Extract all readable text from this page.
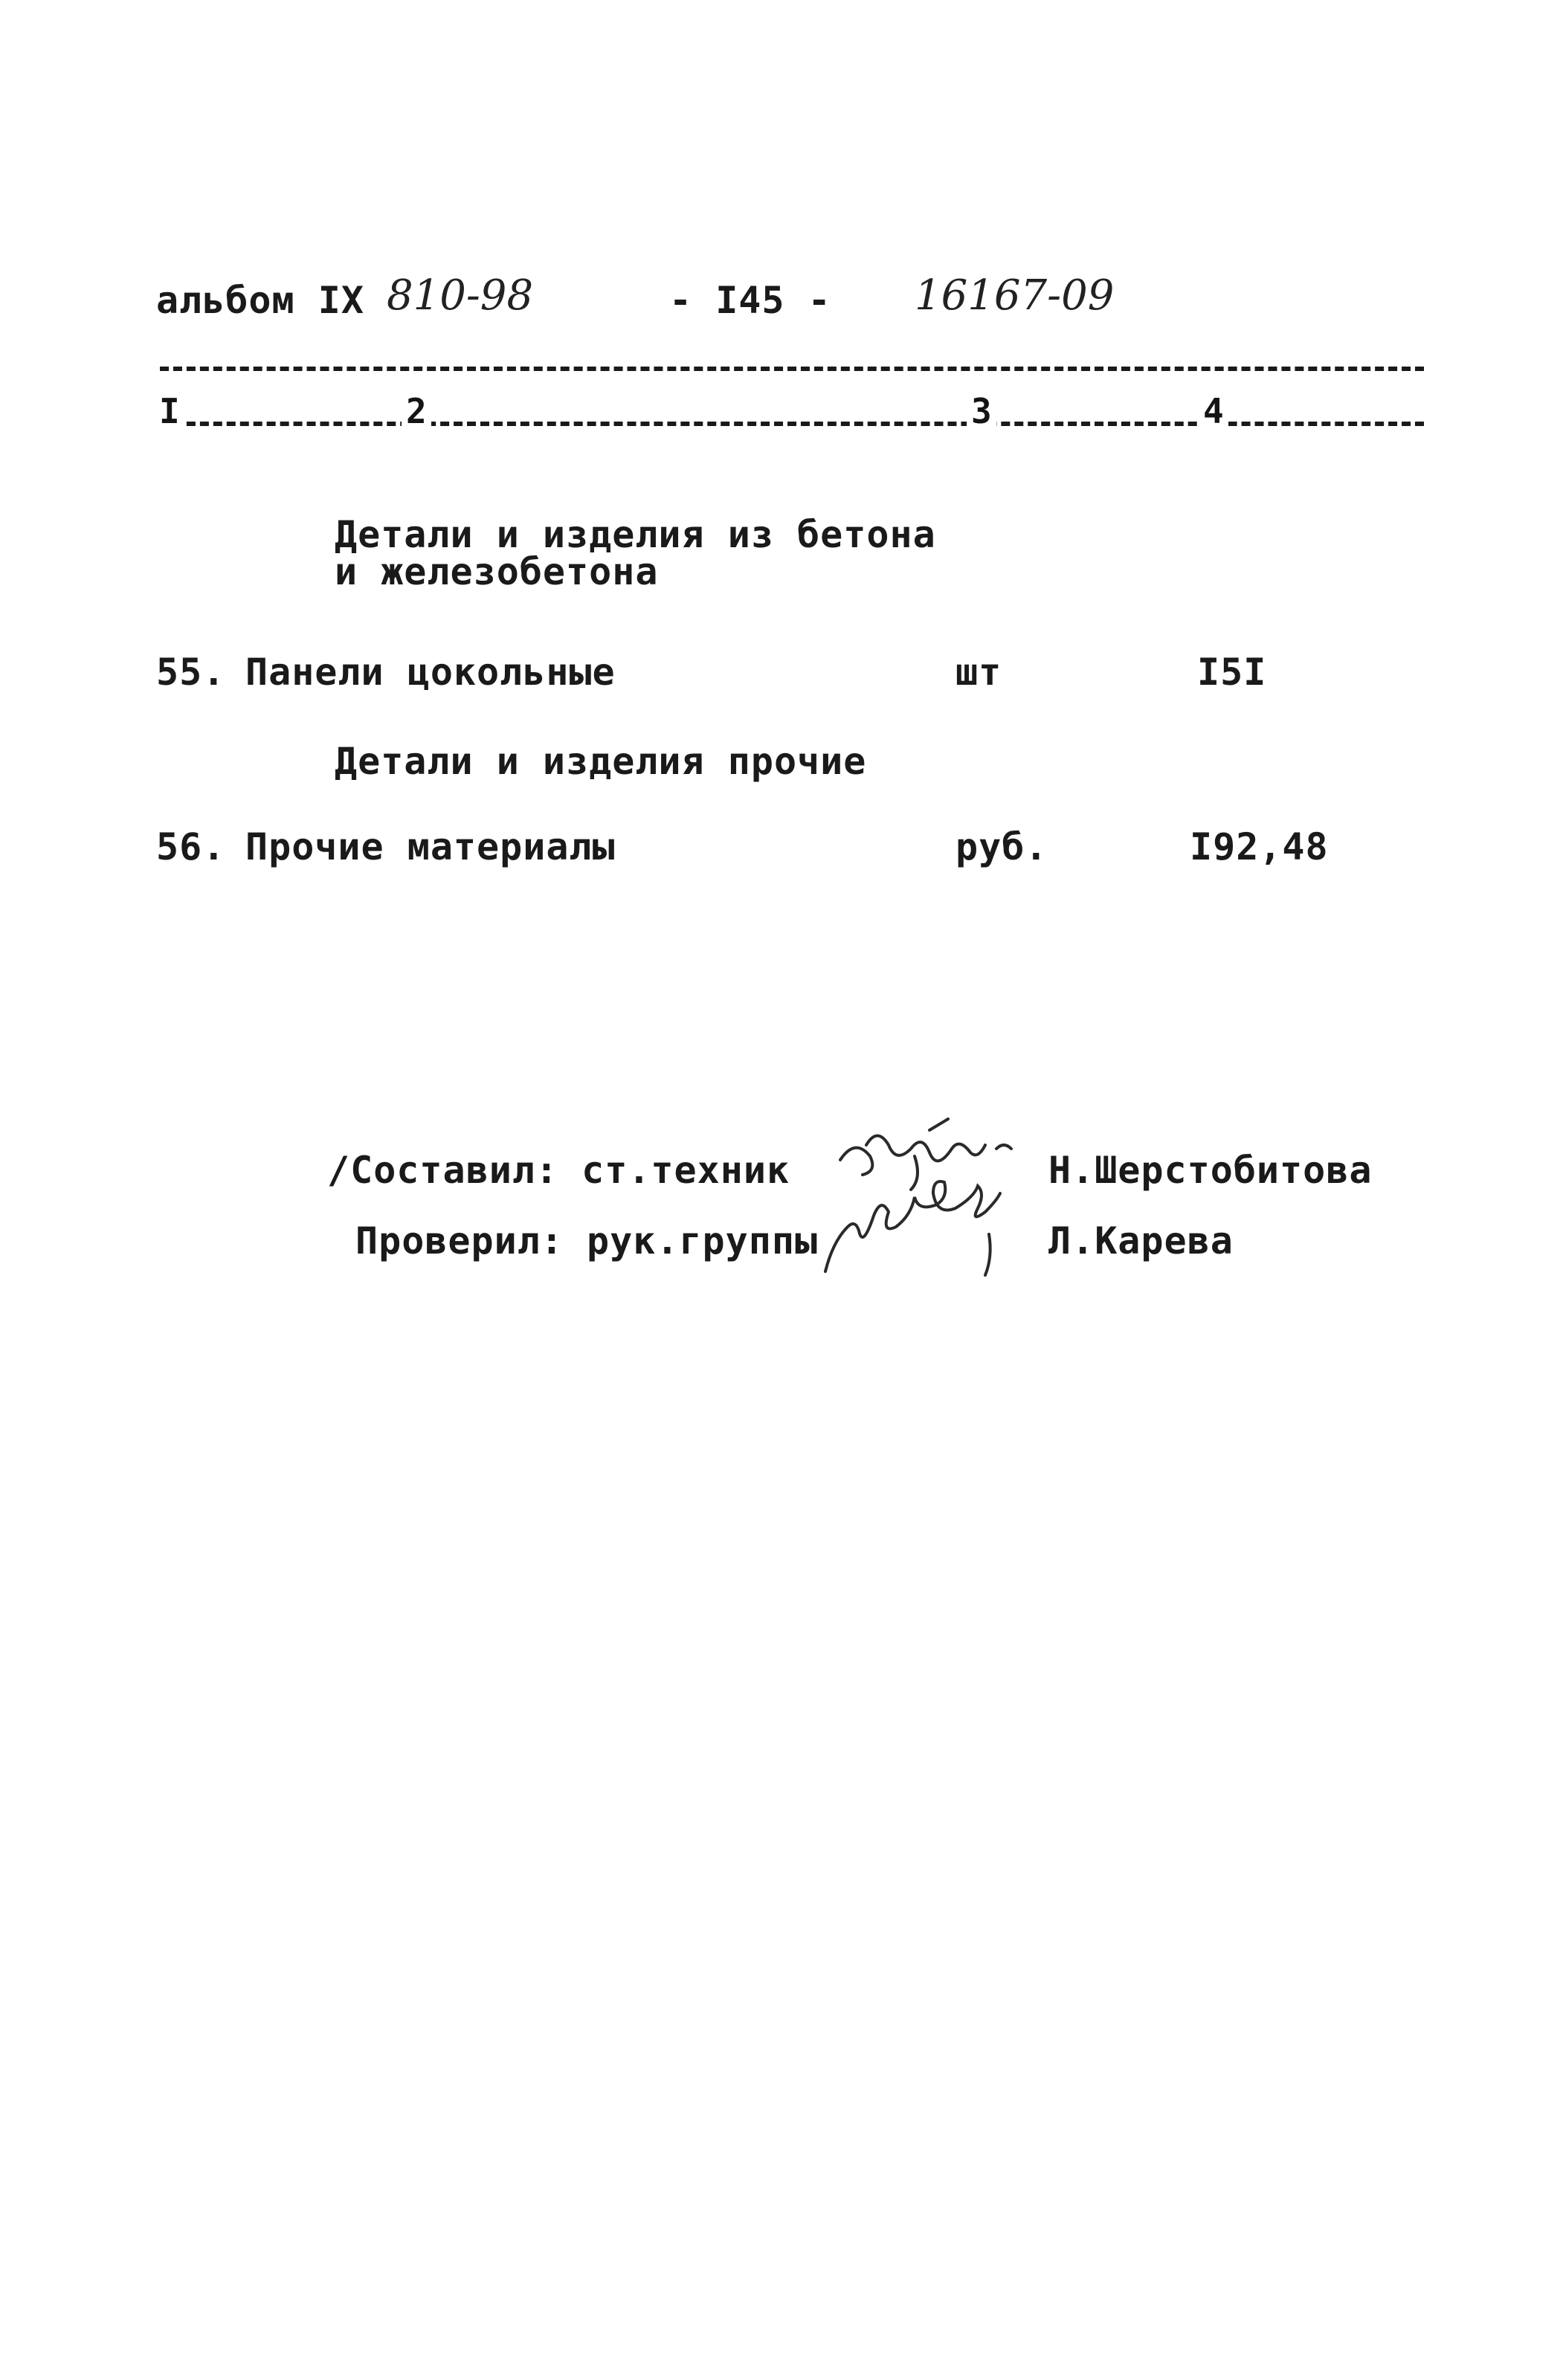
альбом IX 810-98	- I45 - 16167-09
I	2	3	4
Детали и изделия из бетона
и железобетона
55. Панели цокольные	шт	I5I
Детали и изделия прочие
56. Прочие материалы	руб.	I92,48
/Составил: ст.техник	Н.Шерстобитова
Проверил: рук.группы	Л.Карева
